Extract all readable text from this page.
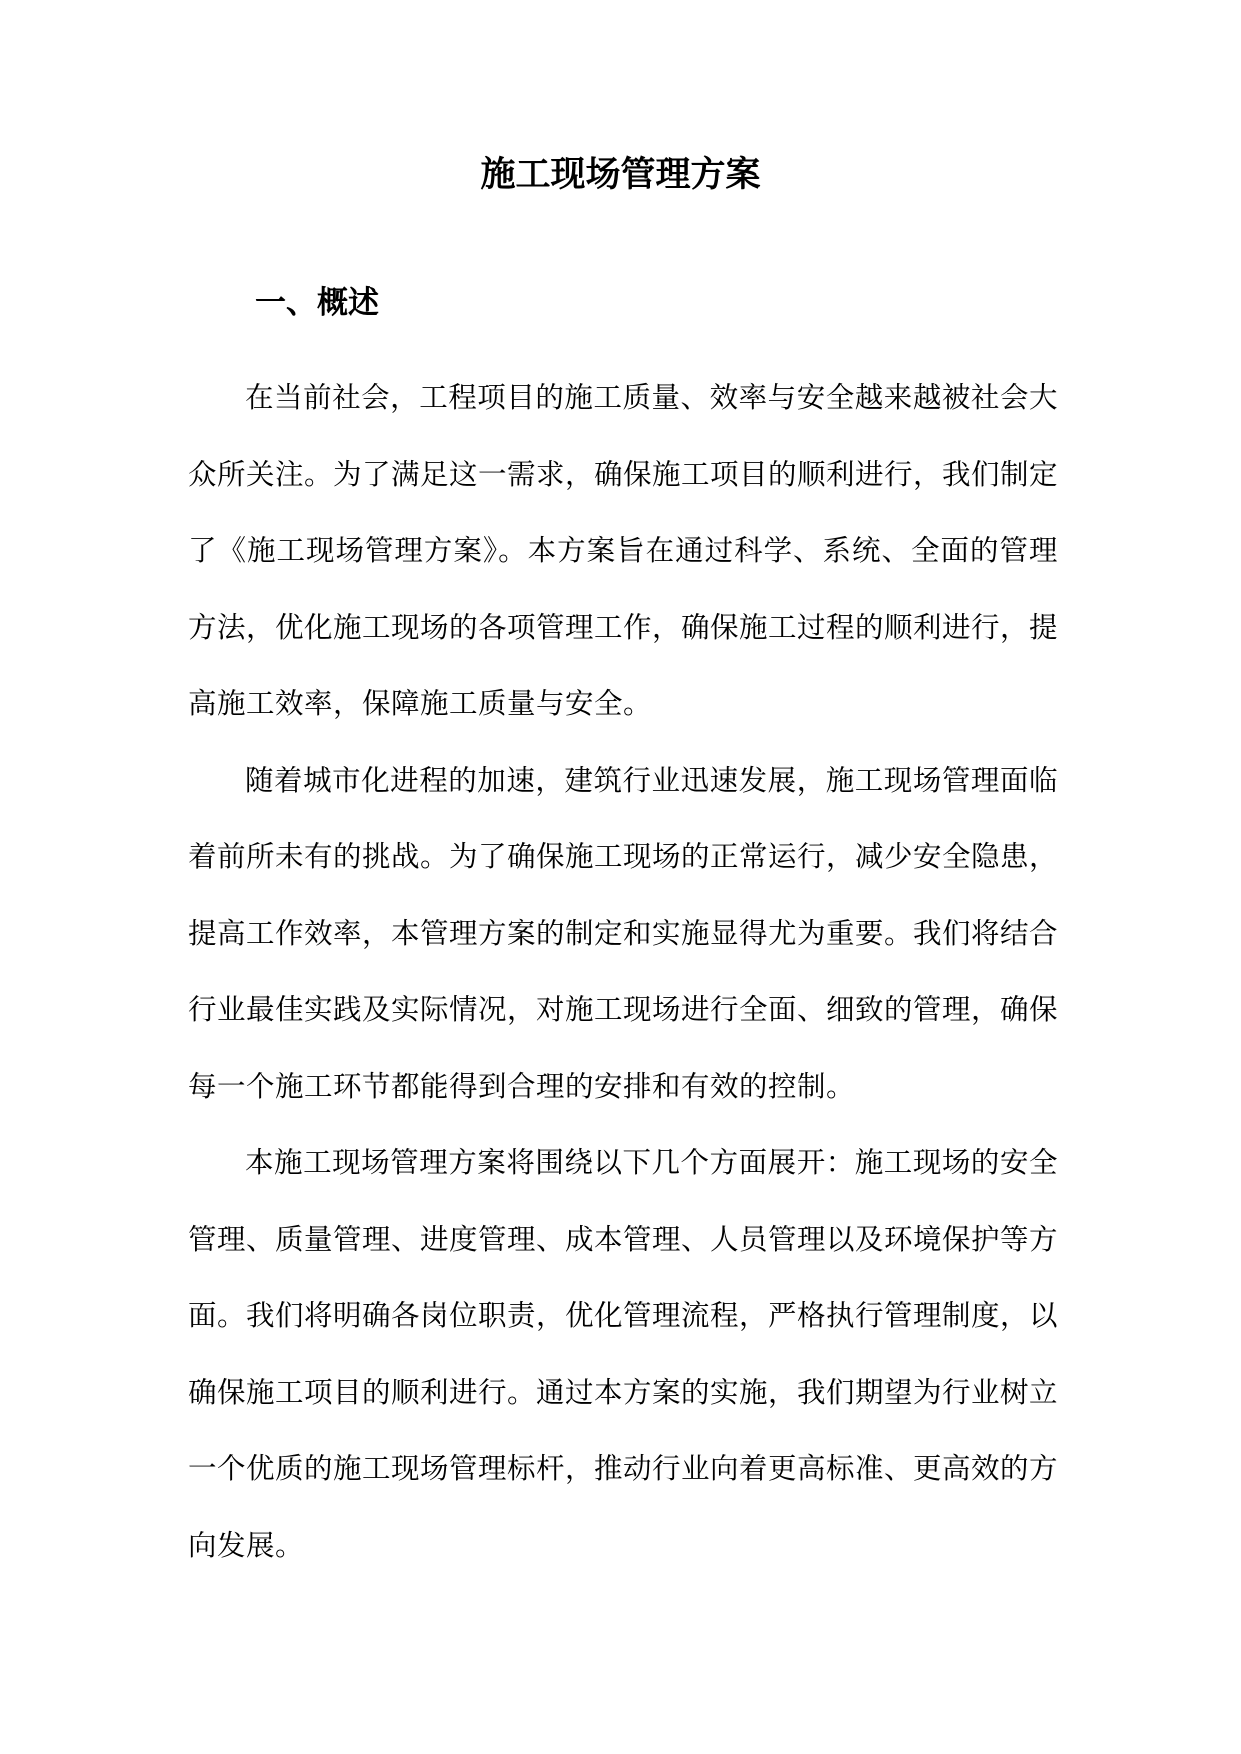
施工现场管理方案
一、概述

在当前社会，工程项目的施工质量、效率与安全越来越被社会大众所关注。为了满足这一需求，确保施工项目的顺利进行，我们制定了《施工现场管理方案》。本方案旨在通过科学、系统、全面的管理方法，优化施工现场的各项管理工作，确保施工过程的顺利进行，提高施工效率，保障施工质量与安全。

随着城市化进程的加速，建筑行业迅速发展，施工现场管理面临着前所未有的挑战。为了确保施工现场的正常运行，减少安全隐患，提高工作效率，本管理方案的制定和实施显得尤为重要。我们将结合行业最佳实践及实际情况，对施工现场进行全面、细致的管理，确保每一个施工环节都能得到合理的安排和有效的控制。

本施工现场管理方案将围绕以下几个方面展开：施工现场的安全管理、质量管理、进度管理、成本管理、人员管理以及环境保护等方面。我们将明确各岗位职责，优化管理流程，严格执行管理制度，以确保施工项目的顺利进行。通过本方案的实施，我们期望为行业树立一个优质的施工现场管理标杆，推动行业向着更高标准、更高效的方向发展。
